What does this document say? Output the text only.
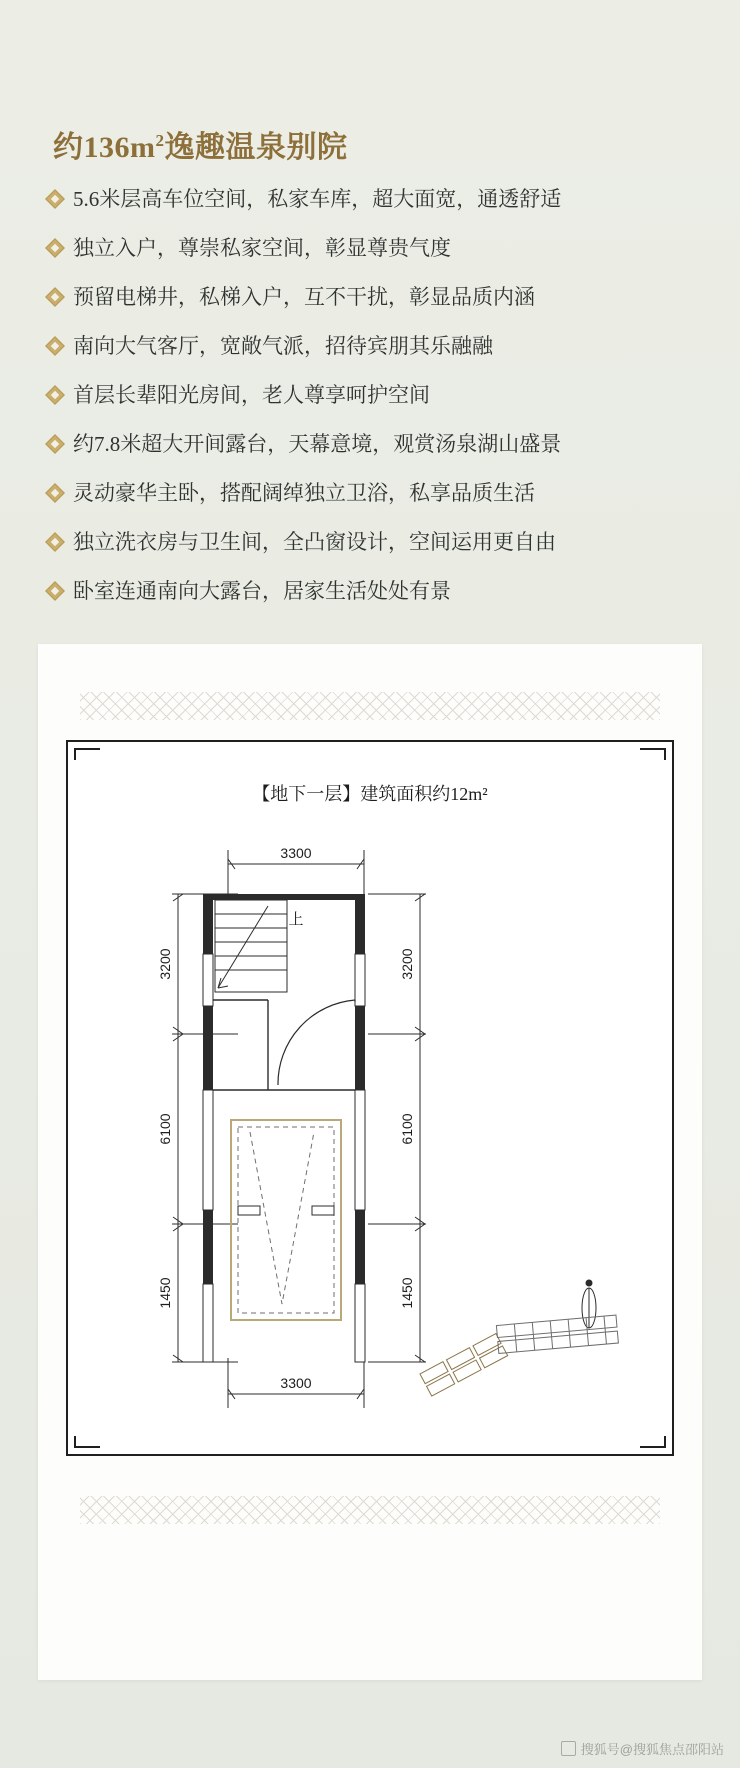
约$136m^2$逸趣温泉别院
5.6米层高车位空间，私家车库，超大面宽，通透舒适
独立入户，尊崇私家空间，彰显尊贵气度
预留电梯井，私梯入户，互不干扰，彰显品质内涵
南向大气客厅，宽敞气派，招待宾朋其乐融融
首层长辈阳光房间，老人尊享呵护空间
约7.8米超大开间露台，天幕意境，观赏汤泉湖山盛景
灵动豪华主卧，搭配阔绰独立卫浴，私享品质生活
独立洗衣房与卫生间，全凸窗设计，空间运用更自由
卧室连通南向大露台，居家生活处处有景
【地下一层】建筑面积约12m²
3300
3300
3200
6100
1450
3200
6100
1450
上
搜狐号@搜狐焦点邵阳站
